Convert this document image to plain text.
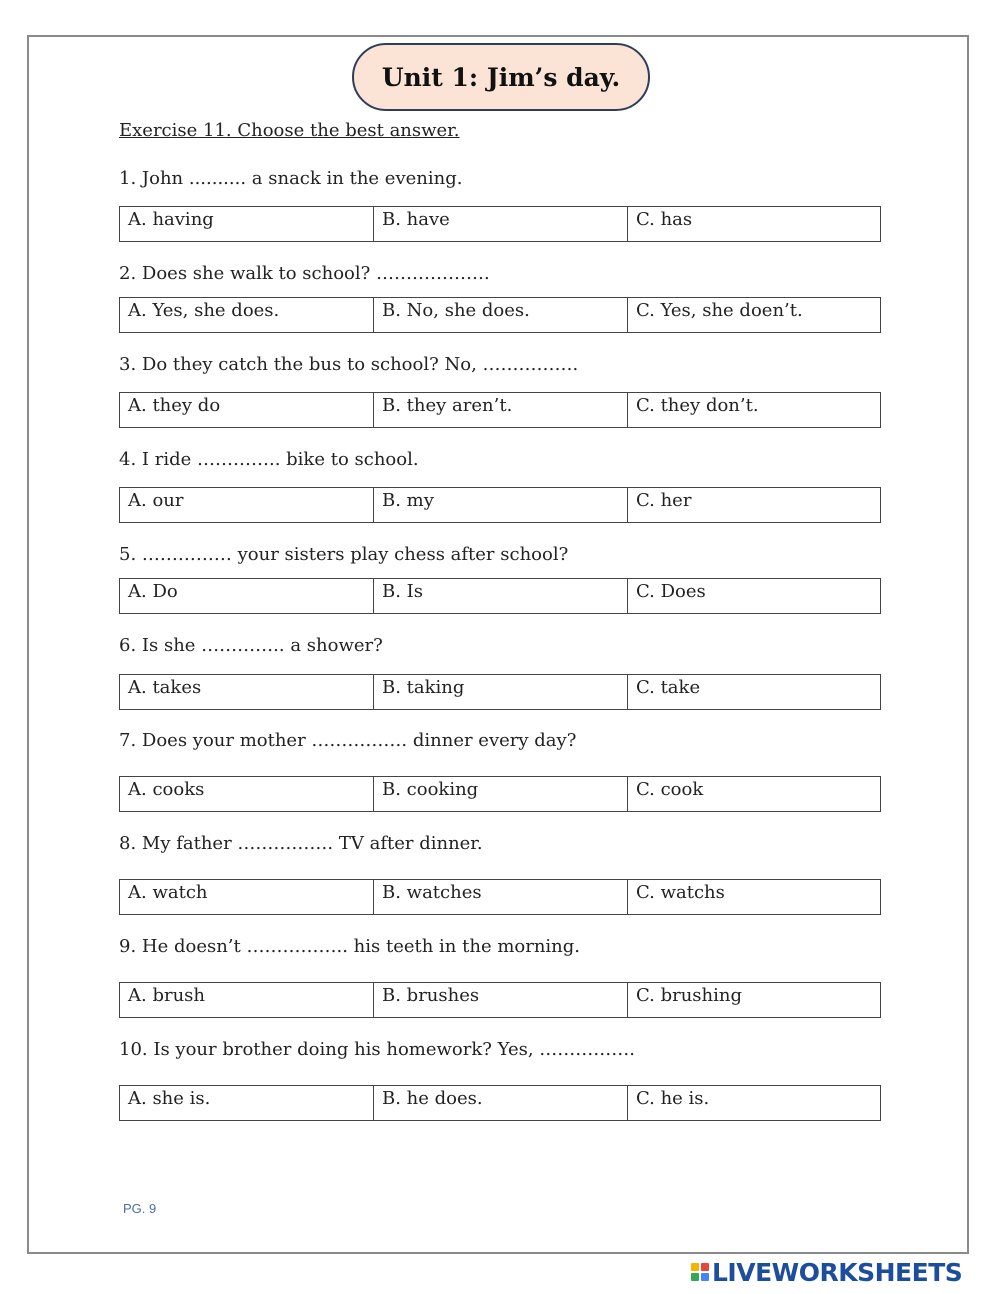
Unit 1: Jim’s day.
Exercise 11. Choose the best answer.
1. John .......... a snack in the evening.
A. having	B. have	C. has
2. Does she walk to school? ……………….
A. Yes, she does.	B. No, she does.	C. Yes, she doen’t.
3. Do they catch the bus to school? No, …………….
A. they do	B. they aren’t.	C. they don’t.
4. I ride ………….. bike to school.
A. our	B. my	C. her
5. …………… your sisters play chess after school?
A. Do	B. Is	C. Does
6. Is she ………….. a shower?
A. takes	B. taking	C. take
7. Does your mother ……………. dinner every day?
A. cooks	B. cooking	C. cook
8. My father ……………. TV after dinner.
A. watch	B. watches	C. watchs
9. He doesn’t …………….. his teeth in the morning.
A. brush	B. brushes	C. brushing
10. Is your brother doing his homework? Yes, …………….
A. she is.	B. he does.	C. he is.
PG. 9
LIVEWORKSHEETS
